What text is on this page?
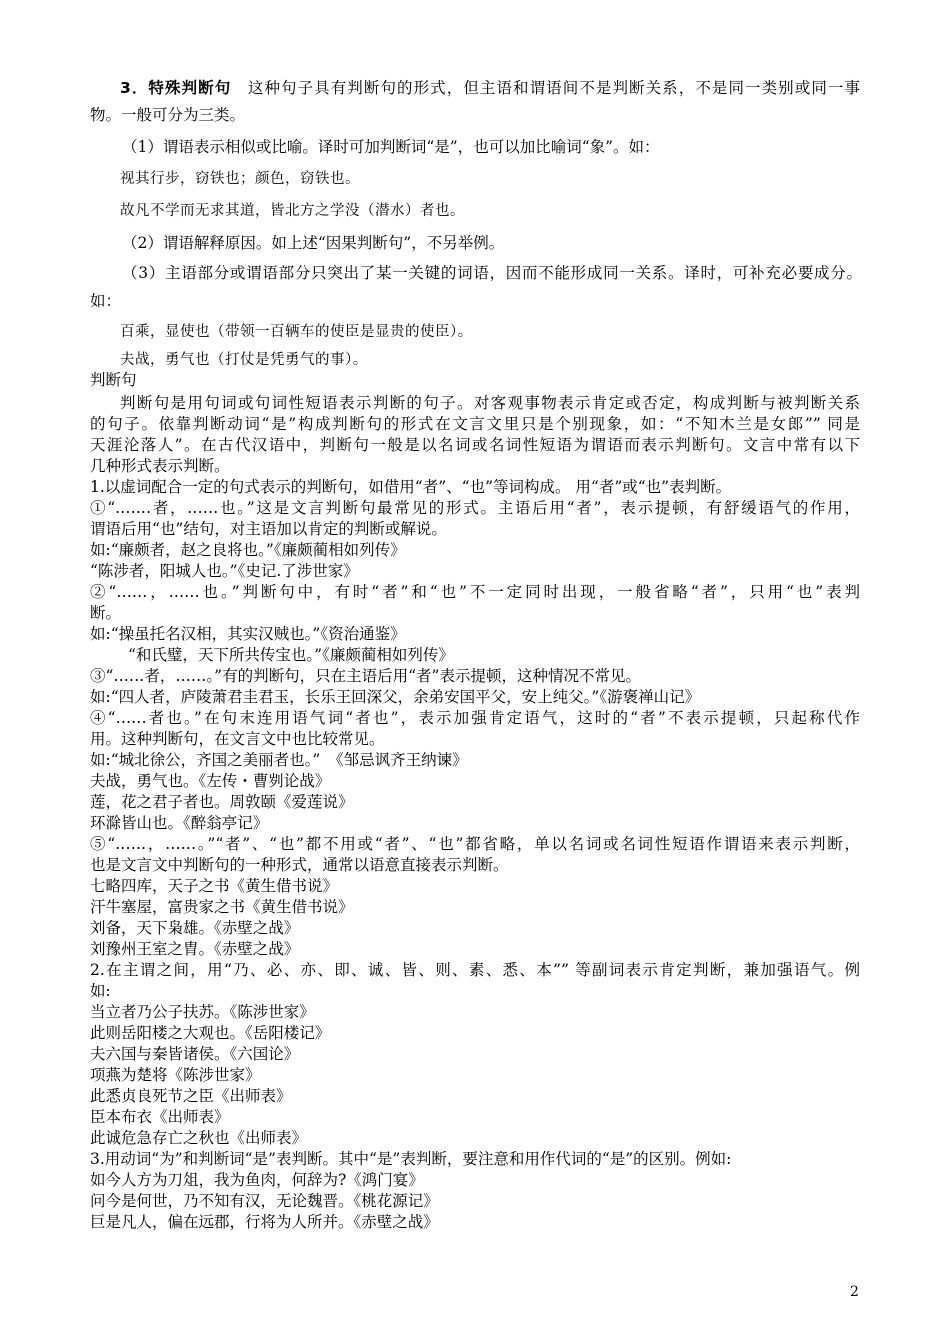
3．特殊判断句　 这种句子具有判断句的形式，但主语和谓语间不是判断关系，不是同一类别或同一事
物。一般可分为三类。
（1）谓语表示相似或比喻。译时可加判断词“是”，也可以加比喻词“象”。如：
视其行步，窃铁也；颜色，窃铁也。
故凡不学而无求其道，皆北方之学没（潜水）者也。
（2）谓语解释原因。如上述“因果判断句”，不另举例。
（3）主语部分或谓语部分只突出了某一关键的词语，因而不能形成同一关系。译时，可补充必要成分。
如：
百乘，显使也（带领一百辆车的使臣是显贵的使臣）。
夫战，勇气也（打仗是凭勇气的事）。
判断句
判断句是用句词或句词性短语表示判断的句子。对客观事物表示肯定或否定，构成判断与被判断关系
的句子。依靠判断动词“是”构成判断句的形式在文言文里只是个别现象，如：“不知木兰是女郎”” 同是
天涯沦落人”。在古代汉语中，判断句一般是以名词或名词性短语为谓语而表示判断句。文言中常有以下
几种形式表示判断。
1.以虚词配合一定的句式表示的判断句，如借用“者”、“也”等词构成。 用“者”或“也”表判断。
①“.……者，……也。”这是文言判断句最常见的形式。主语后用“者”，表示提顿，有舒缓语气的作用，
谓语后用“也”结句，对主语加以肯定的判断或解说。
如:“廉颇者，赵之良将也。”《廉颇蔺相如列传》
“陈涉者，阳城人也。”《史记.了涉世家》
②“……，……也。”判断句中，有时“者”和“也”不一定同时出现，一般省略“者”，只用“也”表判
断。
如:“操虽托名汉相，其实汉贼也。”《资治通鉴》
“和氏璧，天下所共传宝也。”《廉颇蔺相如列传》
③“……者，……。”有的判断句，只在主语后用“者”表示提顿，这种情况不常见。
如:“四人者，庐陵萧君圭君玉，长乐王回深父，余弟安国平父，安上纯父。”《游褒禅山记》
④“……者也。”在句末连用语气词“者也”，表示加强肯定语气，这时的“者”不表示提顿，只起称代作
用。这种判断句，在文言文中也比较常见。
如:“城北徐公，齐国之美丽者也。”　《邹忌讽齐王纳谏》
夫战，勇气也。《左传・曹刿论战》
莲，花之君子者也。周敦颐《爱莲说》
环滁皆山也。《醉翁亭记》
⑤“……，……。”“者”、“也”都不用或“者”、“也”都省略，单以名词或名词性短语作谓语来表示判断，
也是文言文中判断句的一种形式，通常以语意直接表示判断。
七略四库，天子之书《黄生借书说》
汗牛塞屋，富贵家之书《黄生借书说》
刘备，天下枭雄。《赤壁之战》
刘豫州王室之胄。《赤壁之战》
2.在主谓之间，用“乃、必、亦、即、诚、皆、则、素、悉、本”” 等副词表示肯定判断，兼加强语气。例
如:
当立者乃公子扶苏。《陈涉世家》
此则岳阳楼之大观也。《岳阳楼记》
夫六国与秦皆诸侯。《六国论》
项燕为楚将《陈涉世家》
此悉贞良死节之臣《出师表》
臣本布衣《出师表》
此诚危急存亡之秋也《出师表》
3.用动词“为”和判断词“是”表判断。其中“是”表判断，要注意和用作代词的“是”的区别。例如:
如今人方为刀俎，我为鱼肉，何辞为?《鸿门宴》
问今是何世，乃不知有汉，无论魏晋。《桃花源记》
巨是凡人，偏在远郡，行将为人所并。《赤壁之战》
2
